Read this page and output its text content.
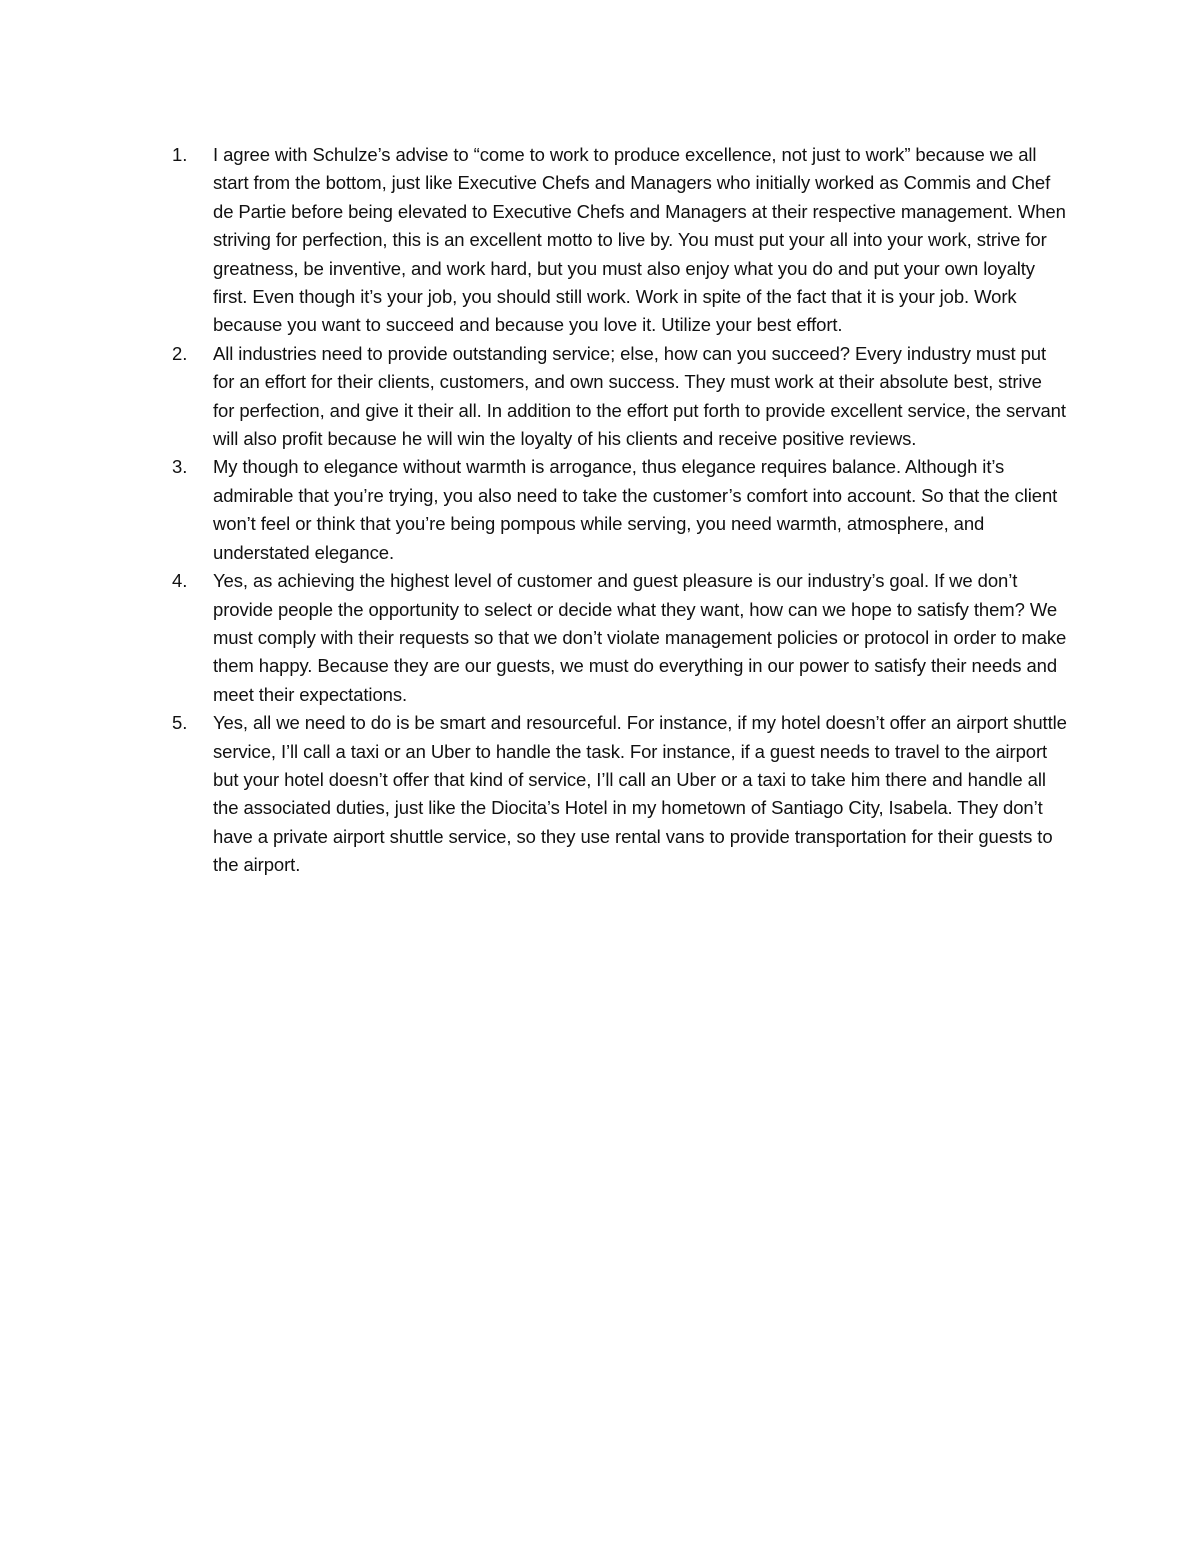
1.	I agree with Schulze’s advise to “come to work to produce excellence, not just to work” because we all start from the bottom, just like Executive Chefs and Managers who initially worked as Commis and Chef de Partie before being elevated to Executive Chefs and Managers at their respective management. When striving for perfection, this is an excellent motto to live by. You must put your all into your work, strive for greatness, be inventive, and work hard, but you must also enjoy what you do and put your own loyalty first. Even though it’s your job, you should still work. Work in spite of the fact that it is your job. Work because you want to succeed and because you love it. Utilize your best effort.
2.	All industries need to provide outstanding service; else, how can you succeed? Every industry must put for an effort for their clients, customers, and own success. They must work at their absolute best, strive for perfection, and give it their all. In addition to the effort put forth to provide excellent service, the servant will also profit because he will win the loyalty of his clients and receive positive reviews.
3.	My though to elegance without warmth is arrogance, thus elegance requires balance. Although it’s admirable that you’re trying, you also need to take the customer’s comfort into account. So that the client won’t feel or think that you’re being pompous while serving, you need warmth, atmosphere, and understated elegance.
4.	Yes, as achieving the highest level of customer and guest pleasure is our industry’s goal. If we don’t provide people the opportunity to select or decide what they want, how can we hope to satisfy them? We must comply with their requests so that we don’t violate management policies or protocol in order to make them happy. Because they are our guests, we must do everything in our power to satisfy their needs and meet their expectations.
5.	Yes, all we need to do is be smart and resourceful. For instance, if my hotel doesn’t offer an airport shuttle service, I’ll call a taxi or an Uber to handle the task. For instance, if a guest needs to travel to the airport but your hotel doesn’t offer that kind of service, I’ll call an Uber or a taxi to take him there and handle all the associated duties, just like the Diocita’s Hotel in my hometown of Santiago City, Isabela. They don’t have a private airport shuttle service, so they use rental vans to provide transportation for their guests to the airport.
